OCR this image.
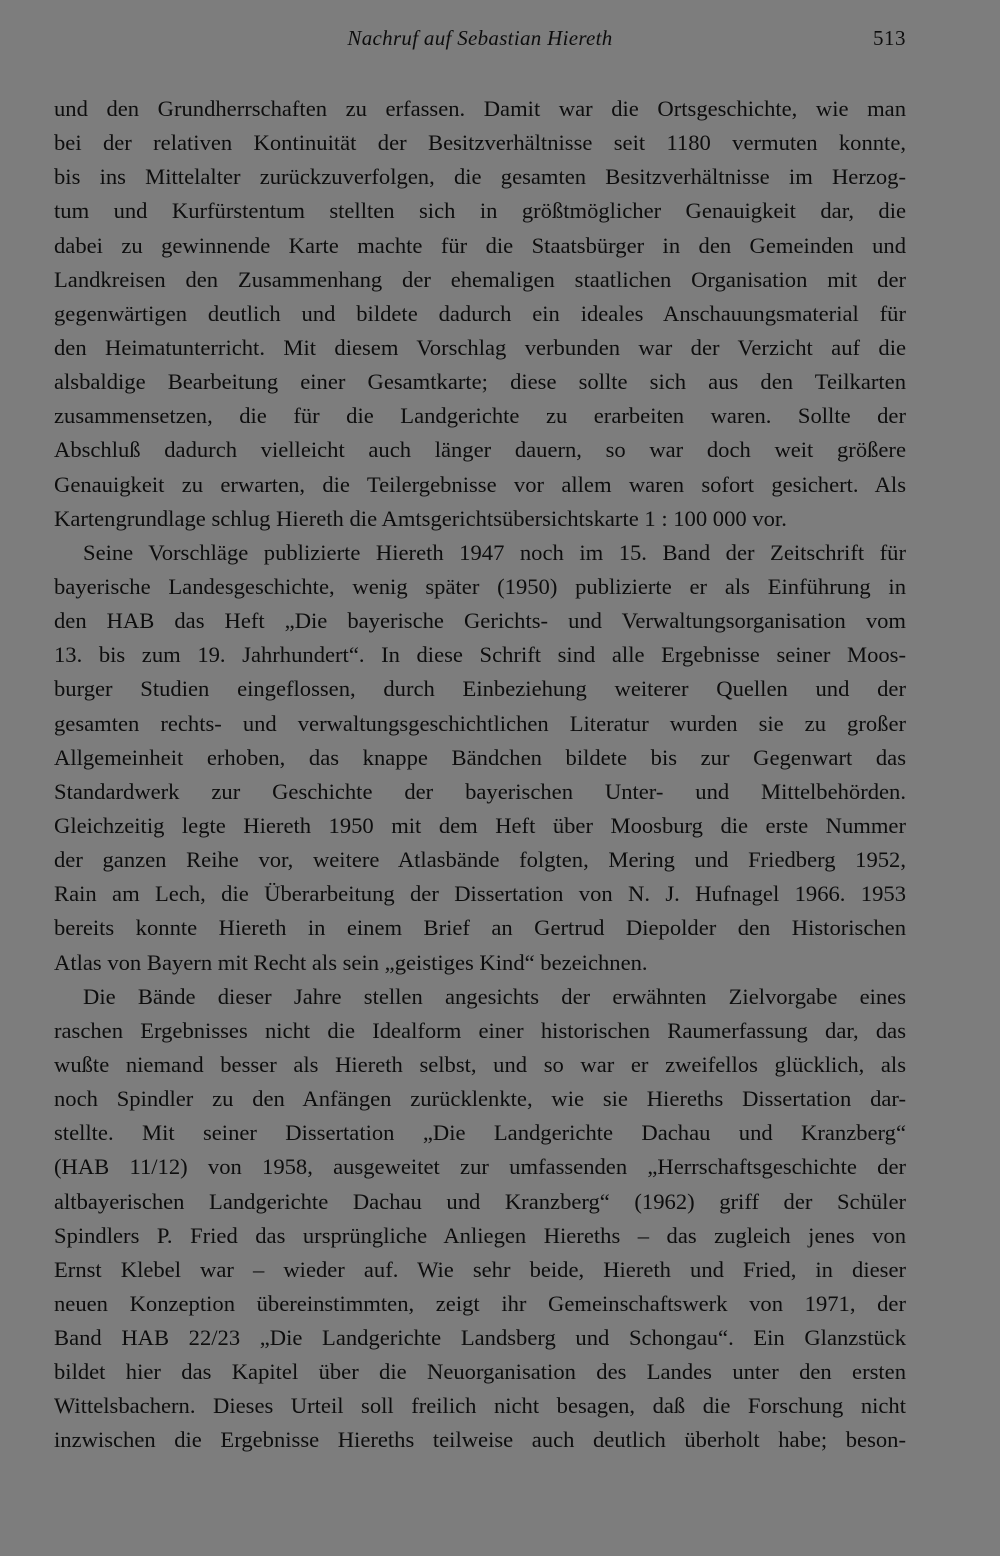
Nachruf auf Sebastian Hiereth	513
und den Grundherrschaften zu erfassen. Damit war die Ortsgeschichte, wie man
bei der relativen Kontinuität der Besitzverhältnisse seit 1180 vermuten konnte,
bis ins Mittelalter zurückzuverfolgen, die gesamten Besitzverhältnisse im Herzog-
tum und Kurfürstentum stellten sich in größtmöglicher Genauigkeit dar, die
dabei zu gewinnende Karte machte für die Staatsbürger in den Gemeinden und
Landkreisen den Zusammenhang der ehemaligen staatlichen Organisation mit der
gegenwärtigen deutlich und bildete dadurch ein ideales Anschauungsmaterial für
den Heimatunterricht. Mit diesem Vorschlag verbunden war der Verzicht auf die
alsbaldige Bearbeitung einer Gesamtkarte; diese sollte sich aus den Teilkarten
zusammensetzen, die für die Landgerichte zu erarbeiten waren. Sollte der
Abschluß dadurch vielleicht auch länger dauern, so war doch weit größere
Genauigkeit zu erwarten, die Teilergebnisse vor allem waren sofort gesichert. Als
Kartengrundlage schlug Hiereth die Amtsgerichtsübersichtskarte 1 : 100 000 vor.
Seine Vorschläge publizierte Hiereth 1947 noch im 15. Band der Zeitschrift für
bayerische Landesgeschichte, wenig später (1950) publizierte er als Einführung in
den HAB das Heft „Die bayerische Gerichts- und Verwaltungsorganisation vom
13. bis zum 19. Jahrhundert“. In diese Schrift sind alle Ergebnisse seiner Moos-
burger Studien eingeflossen, durch Einbeziehung weiterer Quellen und der
gesamten rechts- und verwaltungsgeschichtlichen Literatur wurden sie zu großer
Allgemeinheit erhoben, das knappe Bändchen bildete bis zur Gegenwart das
Standardwerk zur Geschichte der bayerischen Unter- und Mittelbehörden.
Gleichzeitig legte Hiereth 1950 mit dem Heft über Moosburg die erste Nummer
der ganzen Reihe vor, weitere Atlasbände folgten, Mering und Friedberg 1952,
Rain am Lech, die Überarbeitung der Dissertation von N. J. Hufnagel 1966. 1953
bereits konnte Hiereth in einem Brief an Gertrud Diepolder den Historischen
Atlas von Bayern mit Recht als sein „geistiges Kind“ bezeichnen.
Die Bände dieser Jahre stellen angesichts der erwähnten Zielvorgabe eines
raschen Ergebnisses nicht die Idealform einer historischen Raumerfassung dar, das
wußte niemand besser als Hiereth selbst, und so war er zweifellos glücklich, als
noch Spindler zu den Anfängen zurücklenkte, wie sie Hiereths Dissertation dar-
stellte. Mit seiner Dissertation „Die Landgerichte Dachau und Kranzberg“
(HAB 11/12) von 1958, ausgeweitet zur umfassenden „Herrschaftsgeschichte der
altbayerischen Landgerichte Dachau und Kranzberg“ (1962) griff der Schüler
Spindlers P. Fried das ursprüngliche Anliegen Hiereths – das zugleich jenes von
Ernst Klebel war – wieder auf. Wie sehr beide, Hiereth und Fried, in dieser
neuen Konzeption übereinstimmten, zeigt ihr Gemeinschaftswerk von 1971, der
Band HAB 22/23 „Die Landgerichte Landsberg und Schongau“. Ein Glanzstück
bildet hier das Kapitel über die Neuorganisation des Landes unter den ersten
Wittelsbachern. Dieses Urteil soll freilich nicht besagen, daß die Forschung nicht
inzwischen die Ergebnisse Hiereths teilweise auch deutlich überholt habe; beson-
